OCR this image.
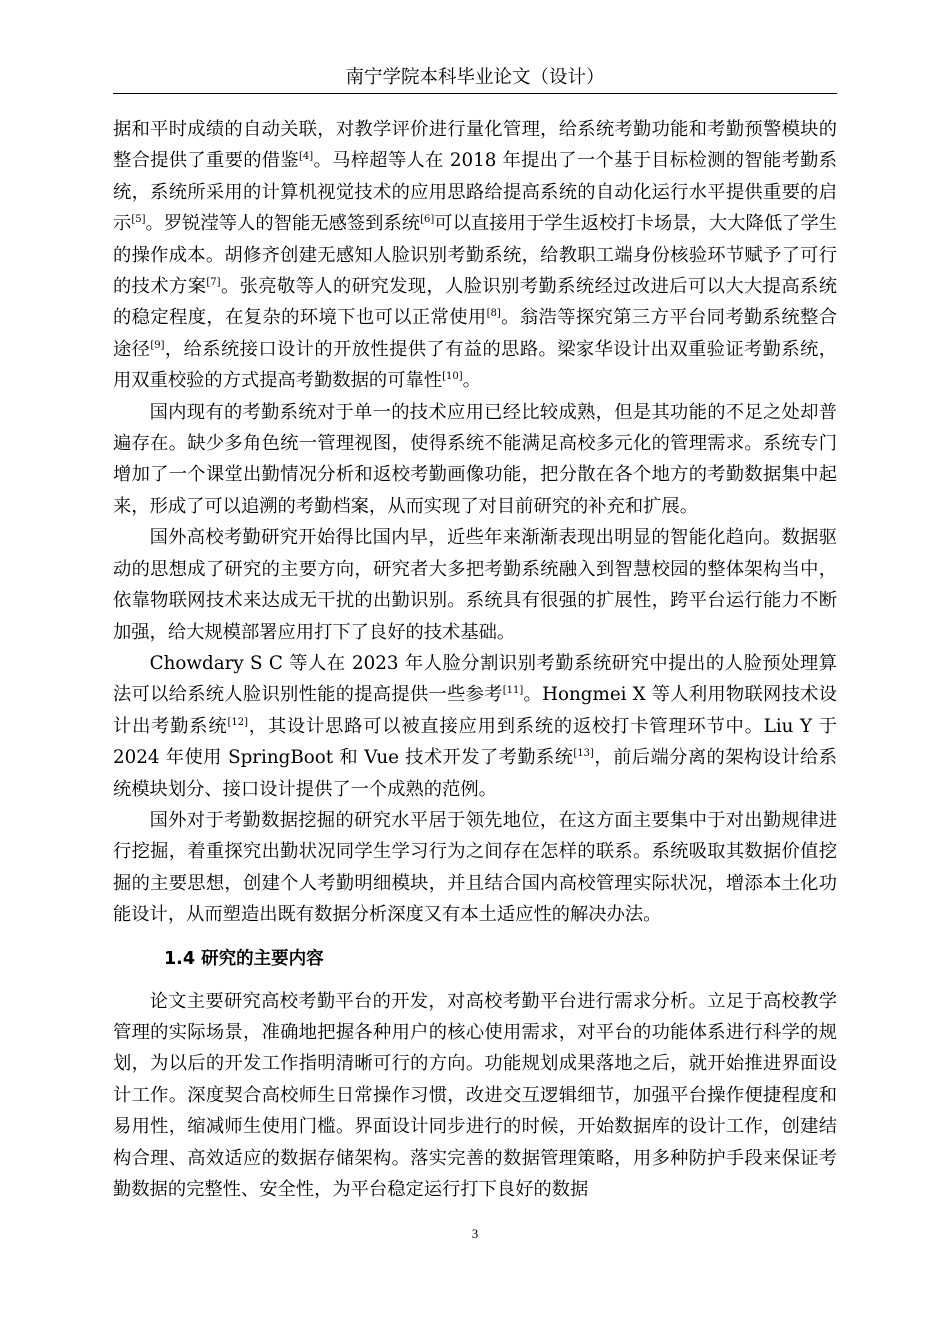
南宁学院本科毕业论文（设计）

据和平时成绩的自动关联，对教学评价进行量化管理，给系统考勤功能和考勤预警模块的整合提供了重要的借鉴[4]。马梓超等人在 2018 年提出了一个基于目标检测的智能考勤系统，系统所采用的计算机视觉技术的应用思路给提高系统的自动化运行水平提供重要的启示[5]。罗锐滢等人的智能无感签到系统[6]可以直接用于学生返校打卡场景，大大降低了学生的操作成本。胡修齐创建无感知人脸识别考勤系统，给教职工端身份核验环节赋予了可行的技术方案[7]。张亮敬等人的研究发现，人脸识别考勤系统经过改进后可以大大提高系统的稳定程度，在复杂的环境下也可以正常使用[8]。翁浩等探究第三方平台同考勤系统整合途径[9]，给系统接口设计的开放性提供了有益的思路。梁家华设计出双重验证考勤系统，用双重校验的方式提高考勤数据的可靠性[10]。

国内现有的考勤系统对于单一的技术应用已经比较成熟，但是其功能的不足之处却普遍存在。缺少多角色统一管理视图，使得系统不能满足高校多元化的管理需求。系统专门增加了一个课堂出勤情况分析和返校考勤画像功能，把分散在各个地方的考勤数据集中起来，形成了可以追溯的考勤档案，从而实现了对目前研究的补充和扩展。

国外高校考勤研究开始得比国内早，近些年来渐渐表现出明显的智能化趋向。数据驱动的思想成了研究的主要方向，研究者大多把考勤系统融入到智慧校园的整体架构当中，依靠物联网技术来达成无干扰的出勤识别。系统具有很强的扩展性，跨平台运行能力不断加强，给大规模部署应用打下了良好的技术基础。

Chowdary S C 等人在 2023 年人脸分割识别考勤系统研究中提出的人脸预处理算法可以给系统人脸识别性能的提高提供一些参考[11]。Hongmei X 等人利用物联网技术设计出考勤系统[12]，其设计思路可以被直接应用到系统的返校打卡管理环节中。Liu Y 于 2024 年使用 SpringBoot 和 Vue 技术开发了考勤系统[13]，前后端分离的架构设计给系统模块划分、接口设计提供了一个成熟的范例。

国外对于考勤数据挖掘的研究水平居于领先地位，在这方面主要集中于对出勤规律进行挖掘，着重探究出勤状况同学生学习行为之间存在怎样的联系。系统吸取其数据价值挖掘的主要思想，创建个人考勤明细模块，并且结合国内高校管理实际状况，增添本土化功能设计，从而塑造出既有数据分析深度又有本土适应性的解决办法。

1.4 研究的主要内容

论文主要研究高校考勤平台的开发，对高校考勤平台进行需求分析。立足于高校教学管理的实际场景，准确地把握各种用户的核心使用需求，对平台的功能体系进行科学的规划，为以后的开发工作指明清晰可行的方向。功能规划成果落地之后，就开始推进界面设计工作。深度契合高校师生日常操作习惯，改进交互逻辑细节，加强平台操作便捷程度和易用性，缩减师生使用门槛。界面设计同步进行的时候，开始数据库的设计工作，创建结构合理、高效适应的数据存储架构。落实完善的数据管理策略，用多种防护手段来保证考勤数据的完整性、安全性，为平台稳定运行打下良好的数据

3
